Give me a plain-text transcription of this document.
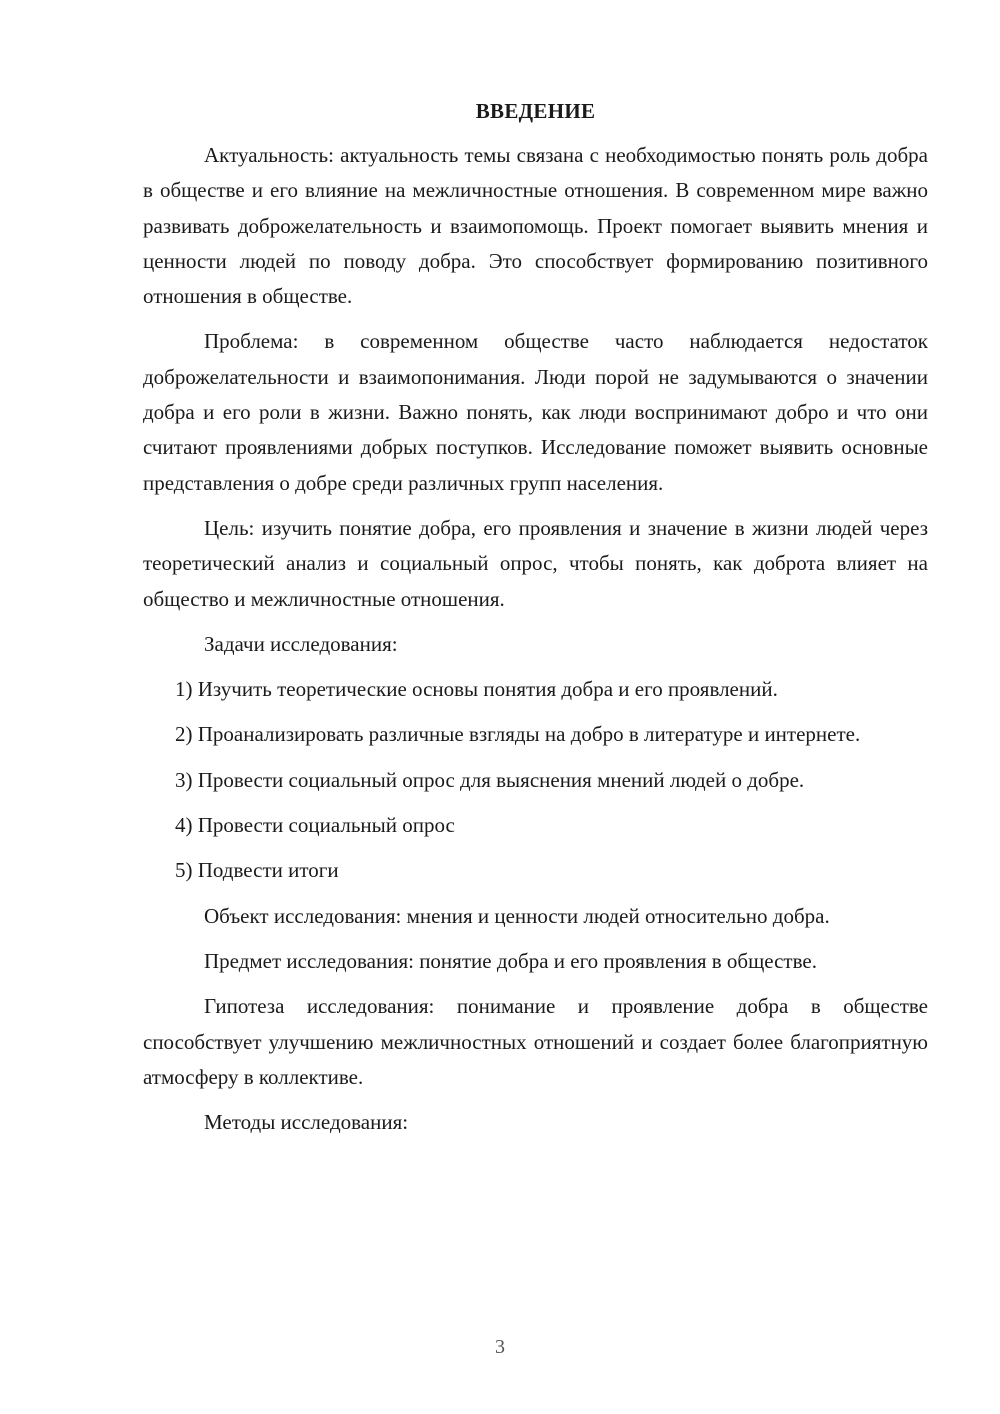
ВВЕДЕНИЕ

Актуальность: актуальность темы связана с необходимостью понять роль добра в обществе и его влияние на межличностные отношения. В современном мире важно развивать доброжелательность и взаимопомощь. Проект помогает выявить мнения и ценности людей по поводу добра. Это способствует формированию позитивного отношения в обществе.

Проблема: в современном обществе часто наблюдается недостаток доброжелательности и взаимопонимания. Люди порой не задумываются о значении добра и его роли в жизни. Важно понять, как люди воспринимают добро и что они считают проявлениями добрых поступков. Исследование поможет выявить основные представления о добре среди различных групп населения.

Цель: изучить понятие добра, его проявления и значение в жизни людей через теоретический анализ и социальный опрос, чтобы понять, как доброта влияет на общество и межличностные отношения.

Задачи исследования:

1) Изучить теоретические основы понятия добра и его проявлений.

2) Проанализировать различные взгляды на добро в литературе и интернете.

3) Провести социальный опрос для выяснения мнений людей о добре.

4) Провести социальный опрос

5) Подвести итоги

Объект исследования: мнения и ценности людей относительно добра.

Предмет исследования: понятие добра и его проявления в обществе.

Гипотеза исследования: понимание и проявление добра в обществе способствует улучшению межличностных отношений и создает более благоприятную атмосферу в коллективе.

Методы исследования:

3
